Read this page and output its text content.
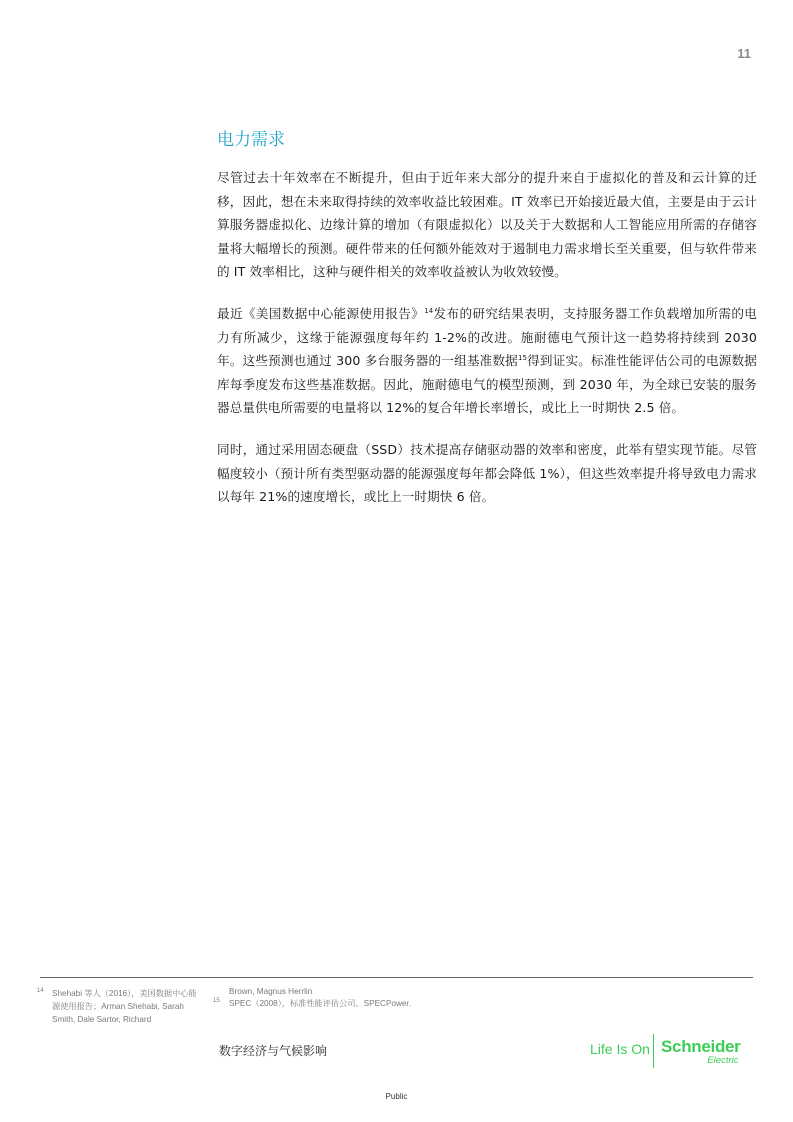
11
电力需求

尽管过去十年效率在不断提升，但由于近年来大部分的提升来自于虚拟化的普及和云计算的迁移，因此，想在未来取得持续的效率收益比较困难。IT 效率已开始接近最大值，主要是由于云计算服务器虚拟化、边缘计算的增加（有限虚拟化）以及关于大数据和人工智能应用所需的存储容量将大幅增长的预测。硬件带来的任何额外能效对于遏制电力需求增长至关重要，但与软件带来的 IT 效率相比，这种与硬件相关的效率收益被认为收效较慢。

最近《美国数据中心能源使用报告》$^{14}$发布的研究结果表明，支持服务器工作负载增加所需的电力有所减少，这缘于能源强度每年约 1-2%的改进。施耐德电气预计这一趋势将持续到 2030 年。这些预测也通过 300 多台服务器的一组基准数据$^{15}$得到证实。标准性能评估公司的电源数据库每季度发布这些基准数据。因此，施耐德电气的模型预测，到 2030 年，为全球已安装的服务器总量供电所需要的电量将以 12%的复合年增长率增长，或比上一时期快 2.5 倍。

同时，通过采用固态硬盘（SSD）技术提高存储驱动器的效率和密度，此举有望实现节能。尽管幅度较小（预计所有类型驱动器的能源强度每年都会降低 1%），但这些效率提升将导致电力需求以每年 21%的速度增长，或比上一时期快 6 倍。

14 Shehabi 等人（2016），美国数据中心能源使用报告；Arman Shehabi, Sarah Smith, Dale Sartor, Richard
Brown, Magnus Herrlin
15 SPEC（2008），标准性能评估公司。SPECPower.
数字经济与气候影响	Life Is On Schneider
Electric
Public
